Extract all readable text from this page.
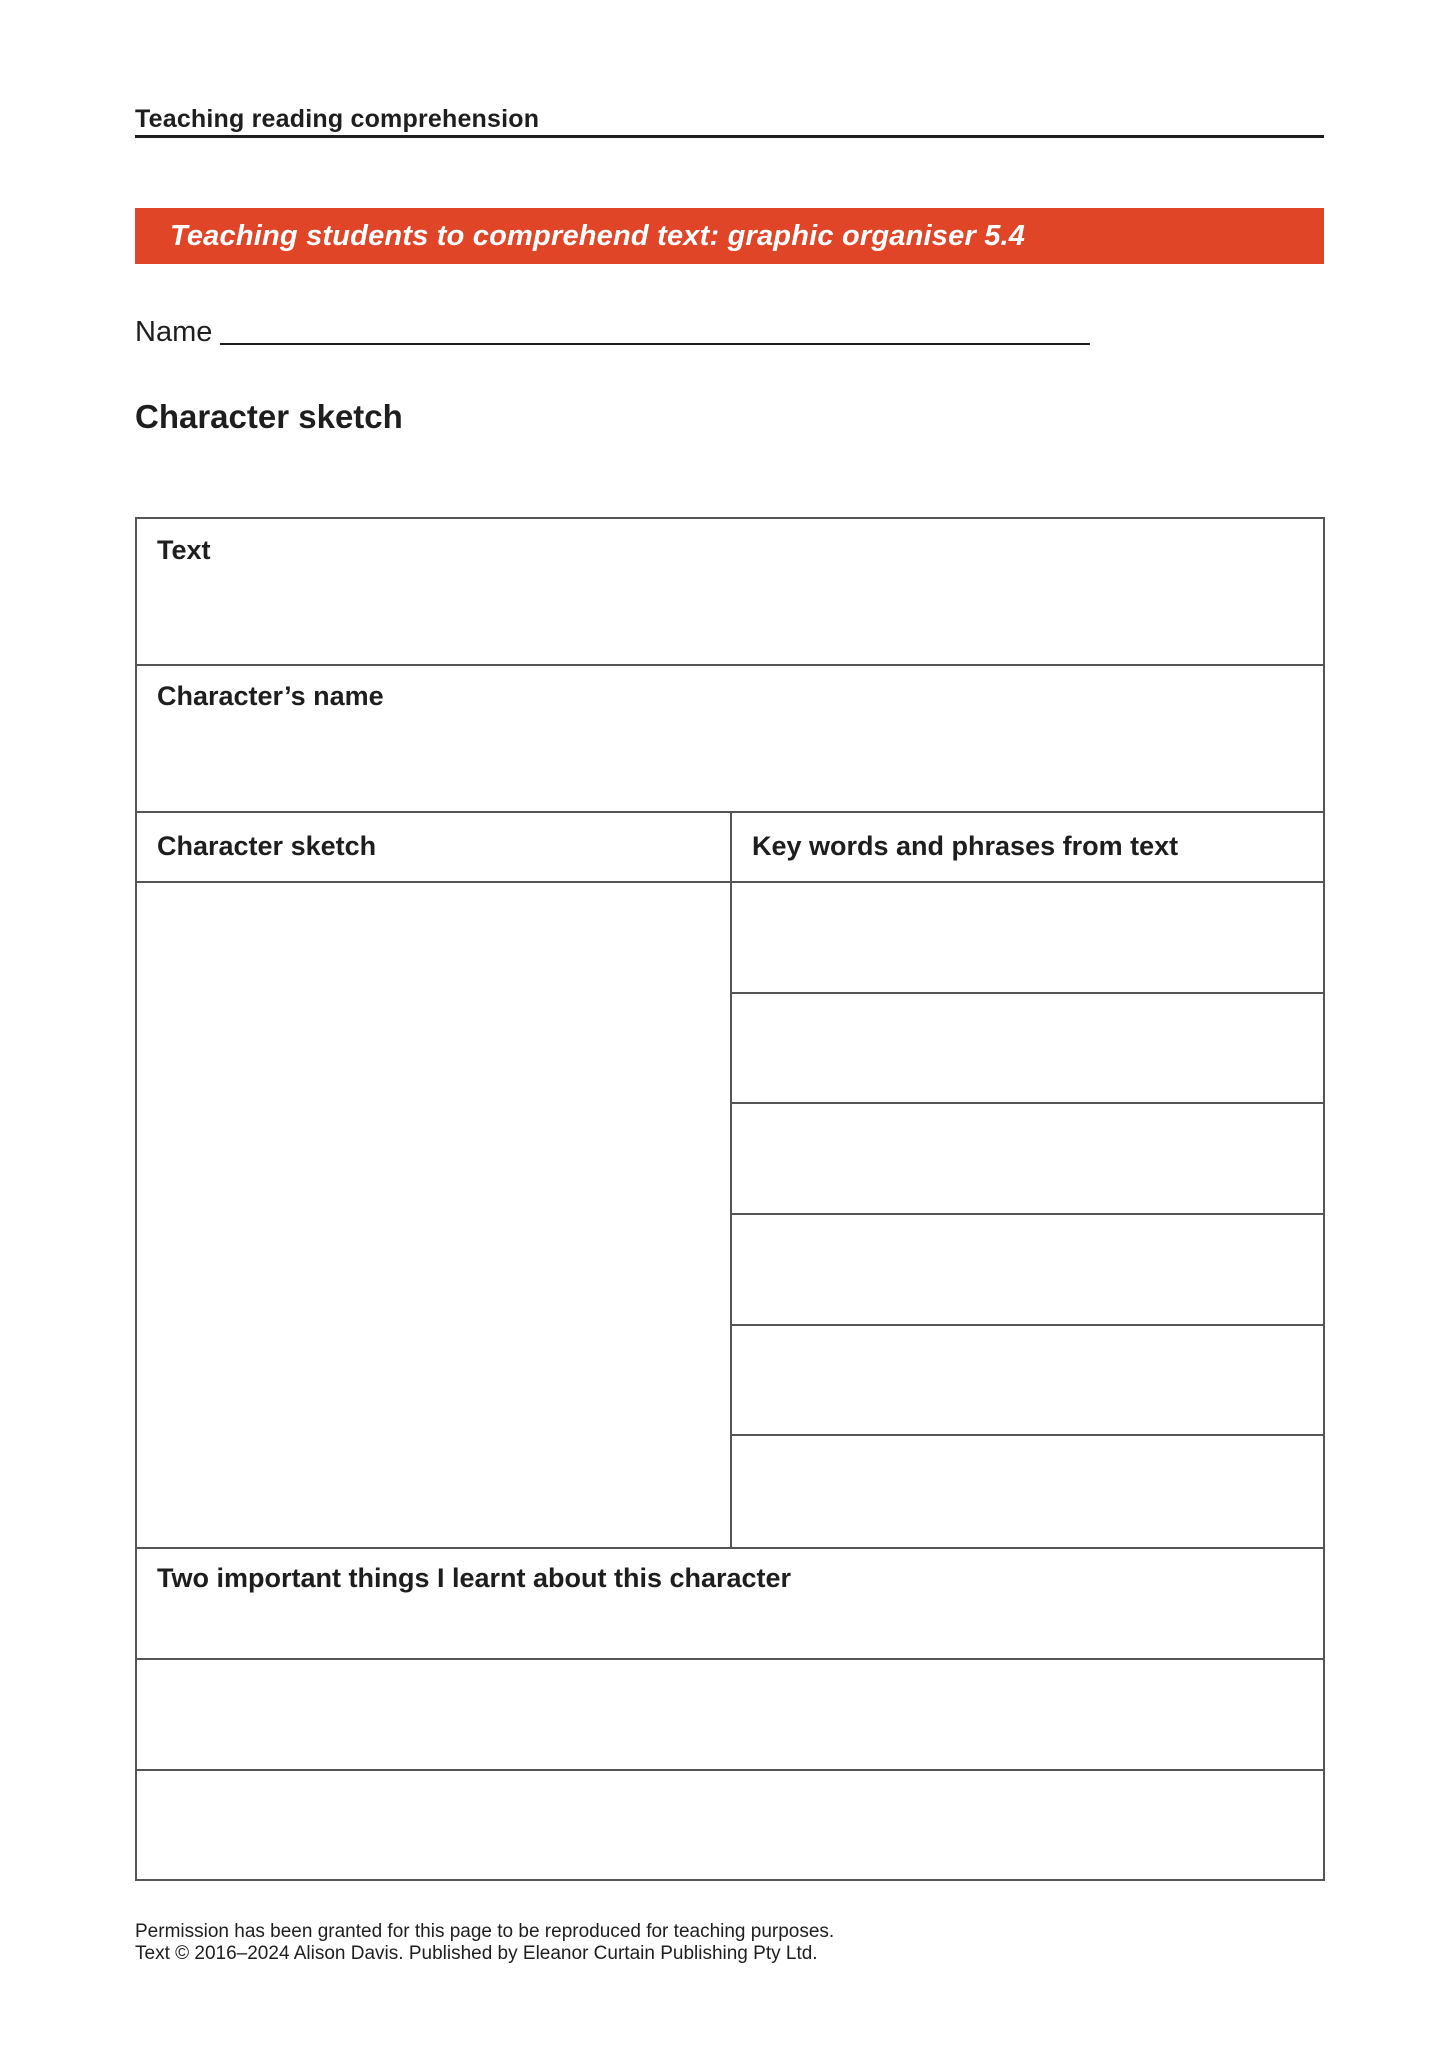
Teaching reading comprehension
Teaching students to comprehend text: graphic organiser 5.4
Name
Character sketch
Text
Character’s name
Character sketch	Key words and phrases from text
Two important things I learnt about this character
Permission has been granted for this page to be reproduced for teaching purposes.
Text © 2016–2024 Alison Davis. Published by Eleanor Curtain Publishing Pty Ltd.
